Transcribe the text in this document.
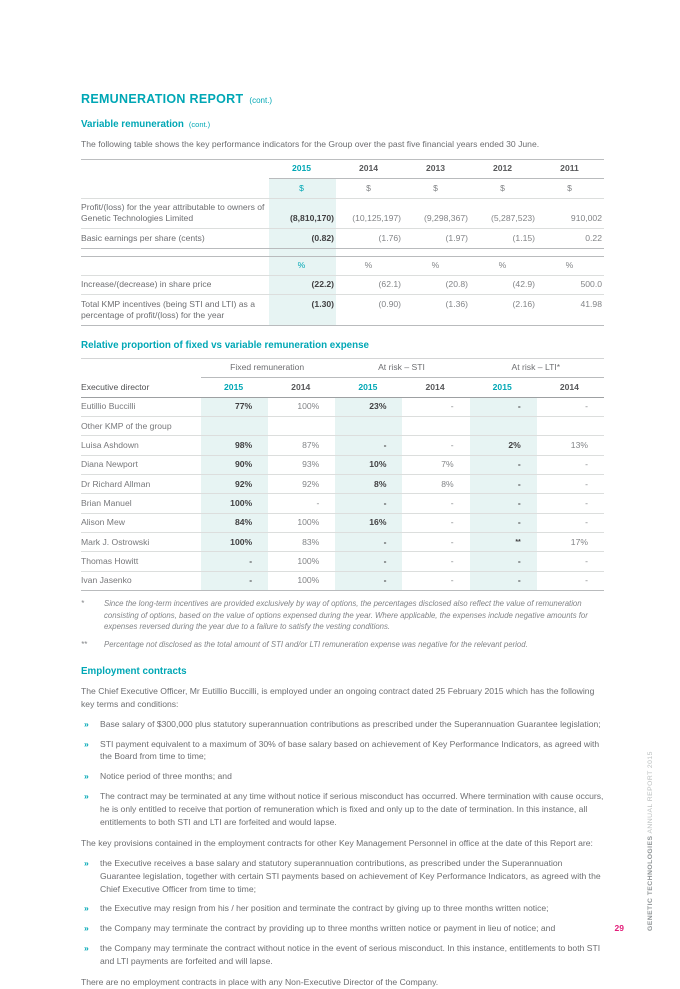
REMUNERATION REPORT (cont.)
Variable remuneration (cont.)

The following table shows the key performance indicators for the Group over the past five financial years ended 30 June.

	2015	2014	2013	2012	2011
	$	$	$	$	$
Profit/(loss) for the year attributable to owners of Genetic Technologies Limited	(8,810,170)	(10,125,197)	(9,298,367)	(5,287,523)	910,002
Basic earnings per share (cents)	(0.82)	(1.76)	(1.97)	(1.15)	0.22

	%	%	%	%	%
Increase/(decrease) in share price	(22.2)	(62.1)	(20.8)	(42.9)	500.0
Total KMP incentives (being STI and LTI) as a percentage of profit/(loss) for the year	(1.30)	(0.90)	(1.36)	(2.16)	41.98
Relative proportion of fixed vs variable remuneration expense
	Fixed remuneration		At risk – STI		At risk – LTI*	
Executive director	2015	2014	2015	2014	2015	2014
Eutillio Buccilli	77%	100%	23%	-	-	-
Other KMP of the group						
Luisa Ashdown	98%	87%	-	-	2%	13%
Diana Newport	90%	93%	10%	7%	-	-
Dr Richard Allman	92%	92%	8%	8%	-	-
Brian Manuel	100%	-	-	-	-	-
Alison Mew	84%	100%	16%	-	-	-
Mark J. Ostrowski	100%	83%	-	-	**	17%
Thomas Howitt	-	100%	-	-	-	-
Ivan Jasenko	-	100%	-	-	-	-
*	Since the long-term incentives are provided exclusively by way of options, the percentages disclosed also reflect the value of remuneration consisting of options, based on the value of options expensed during the year. Where applicable, the expenses include negative amounts for expenses reversed during the year due to a failure to satisfy the vesting conditions.
**	Percentage not disclosed as the total amount of STI and/or LTI remuneration expense was negative for the relevant period.
Employment contracts

The Chief Executive Officer, Mr Eutillio Buccilli, is employed under an ongoing contract dated 25 February 2015 which has the following key terms and conditions:

»	Base salary of $300,000 plus statutory superannuation contributions as prescribed under the Superannuation Guarantee legislation;
»	STI payment equivalent to a maximum of 30% of base salary based on achievement of Key Performance Indicators, as agreed with the Board from time to time;
»	Notice period of three months; and
»	The contract may be terminated at any time without notice if serious misconduct has occurred. Where termination with cause occurs, he is only entitled to receive that portion of remuneration which is fixed and only up to the date of termination. In this instance, all entitlements to both STI and LTI are forfeited and would lapse.

The key provisions contained in the employment contracts for other Key Management Personnel in office at the date of this Report are:

»	the Executive receives a base salary and statutory superannuation contributions, as prescribed under the Superannuation Guarantee legislation, together with certain STI payments based on achievement of Key Performance Indicators, as agreed with the Chief Executive Officer from time to time;
»	the Executive may resign from his / her position and terminate the contract by giving up to three months written notice;
»	the Company may terminate the contract by providing up to three months written notice or payment in lieu of notice; and
»	the Company may terminate the contract without notice in the event of serious misconduct. In this instance, entitlements to both STI and LTI payments are forfeited and will lapse.

There are no employment contracts in place with any Non-Executive Director of the Company.

GENETIC TECHNOLOGIES ANNUAL REPORT 2015
29
